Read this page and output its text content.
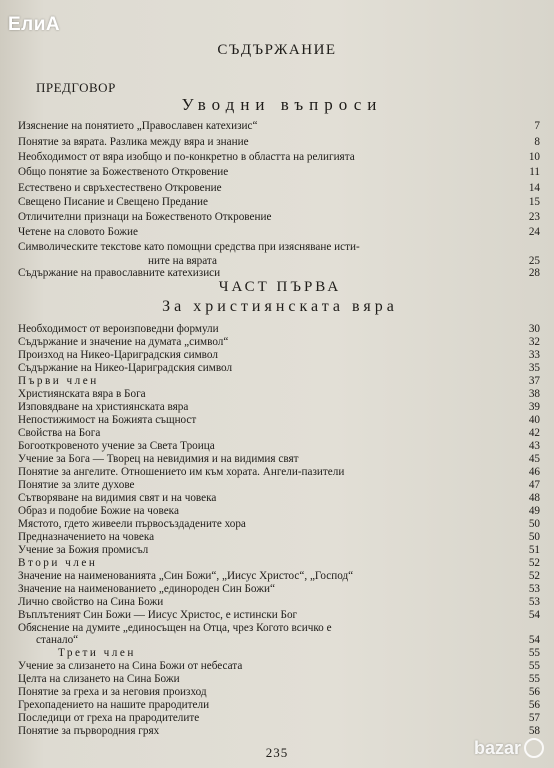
ЕлиА
СЪДЪРЖАНИЕ
ПРЕДГОВОР
Уводни въпроси
ЧАСТ ПЪРВА
За християнската вяра
Изяснение на понятието „Православен катехизис“	7
Понятие за вярата. Разлика между вяра и знание	8
Необходимост от вяра изобщо и по-конкретно в областта на религията	10
Общо понятие за Божественото Откровение	11
Естествено и свръхестествено Откровение	14
Свещено Писание и Свещено Предание	15
Отличителни признаци на Божественото Откровение	23
Четене на словото Божие	24
Символическите текстове като помощни средства при изясняване исти-
ните на вярата	25
Съдържание на православните катехизиси	28
Необходимост от вероизповедни формули	30
Съдържание и значение на думата „символ“	32
Произход на Никео-Цариградския символ	33
Съдържание на Никео-Цариградския символ	35
Първи член	37
Християнската вяра в Бога	38
Изповядване на християнската вяра	39
Непостижимост на Божията същност	40
Свойства на Бога	42
Богооткровеното учение за Света Троица	43
Учение за Бога — Творец на невидимия и на видимия свят	45
Понятие за ангелите. Отношението им към хората. Ангели-пазители	46
Понятие за злите духове	47
Сътворяване на видимия свят и на човека	48
Образ и подобие Божие на човека	49
Мястото, гдето живеели първосъздадените хора	50
Предназначението на човека	50
Учение за Божия промисъл	51
Втори член	52
Значение на наименованията „Син Божи“, „Иисус Христос“, „Господ“	52
Значение на наименованието „единороден Син Божи“	53
Лично свойство на Сина Божи	53
Въплътеният Син Божи — Иисус Христос, е истински Бог	54
Обяснение на думите „единосъщен на Отца, чрез Когото всичко е
станало“	54
Трети член	55
Учение за слизането на Сина Божи от небесата	55
Целта на слизането на Сина Божи	55
Понятие за греха и за неговия произход	56
Грехопадението на нашите прародители	56
Последици от греха на прародителите	57
Понятие за първородния грях	58
235	bazar
